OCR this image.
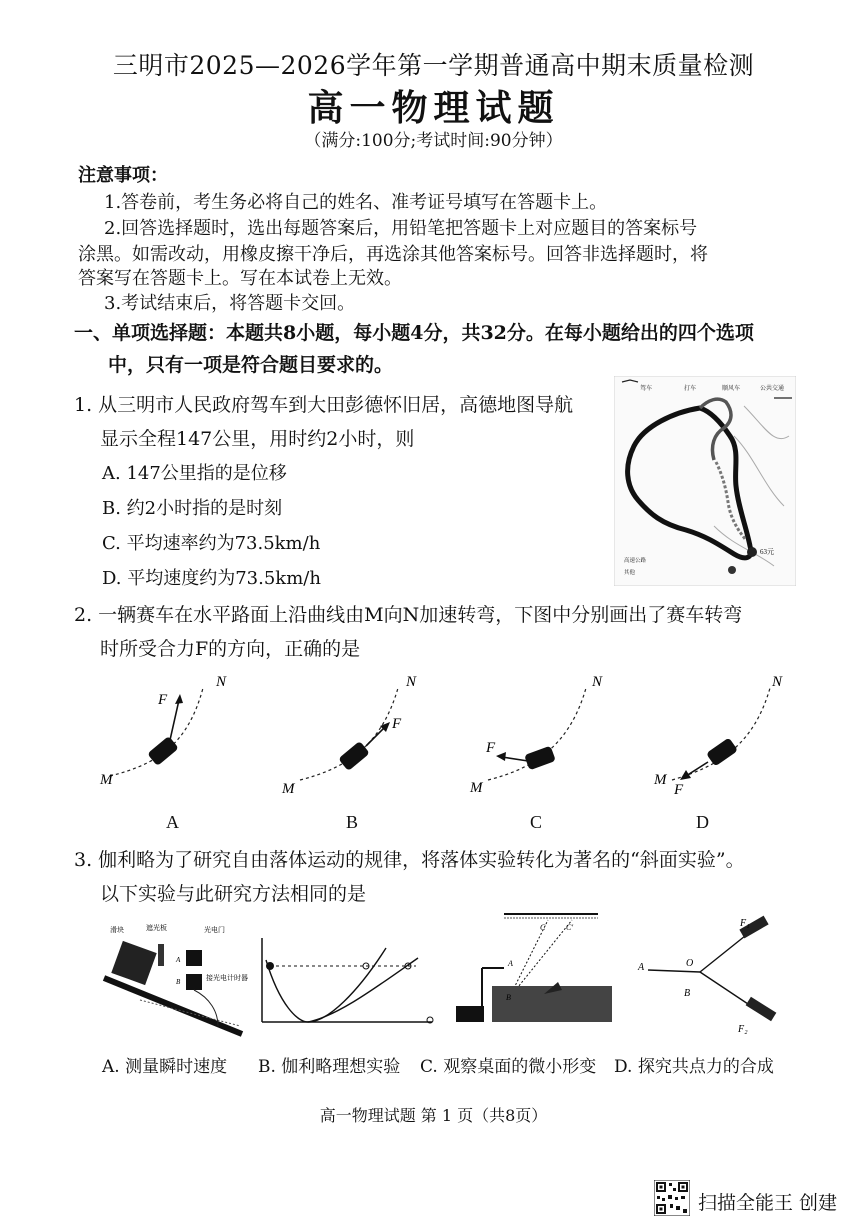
三明市2025—2026学年第一学期普通高中期末质量检测
高一物理试题
（满分:100分;考试时间:90分钟）
注意事项：
1.答卷前，考生务必将自己的姓名、准考证号填写在答题卡上。
2.回答选择题时，选出每题答案后，用铅笔把答题卡上对应题目的答案标号
涂黑。如需改动，用橡皮擦干净后，再选涂其他答案标号。回答非选择题时，将
答案写在答题卡上。写在本试卷上无效。
3.考试结束后，将答题卡交回。
一、单项选择题：本题共8小题，每小题4分，共32分。在每小题给出的四个选项
中，只有一项是符合题目要求的。
1. 从三明市人民政府驾车到大田彭德怀旧居，高德地图导航
显示全程147公里，用时约2小时，则
A. 147公里指的是位移
B. 约2小时指的是时刻
C. 平均速率约为73.5km/h
D. 平均速度约为73.5km/h
驾车	打车	顺风车	公共交通
63元
高速公路
其他
2. 一辆赛车在水平路面上沿曲线由M向N加速转弯，下图中分别画出了赛车转弯
时所受合力F的方向，正确的是
M
N
F
M
N
F
M
N
F
M
N
F
A	B	C	D
3. 伽利略为了研究自由落体运动的规律，将落体实验转化为著名的“斜面实验”。
以下实验与此研究方法相同的是
滑块	遮光板	光电门
接光电计时器
A
B
A
B
C	C′
A	O
B
F₁
F₂
A. 测量瞬时速度 B. 伽利略理想实验 C. 观察桌面的微小形变 D. 探究共点力的合成
高一物理试题 第 1 页（共8页）
扫描全能王 创建
